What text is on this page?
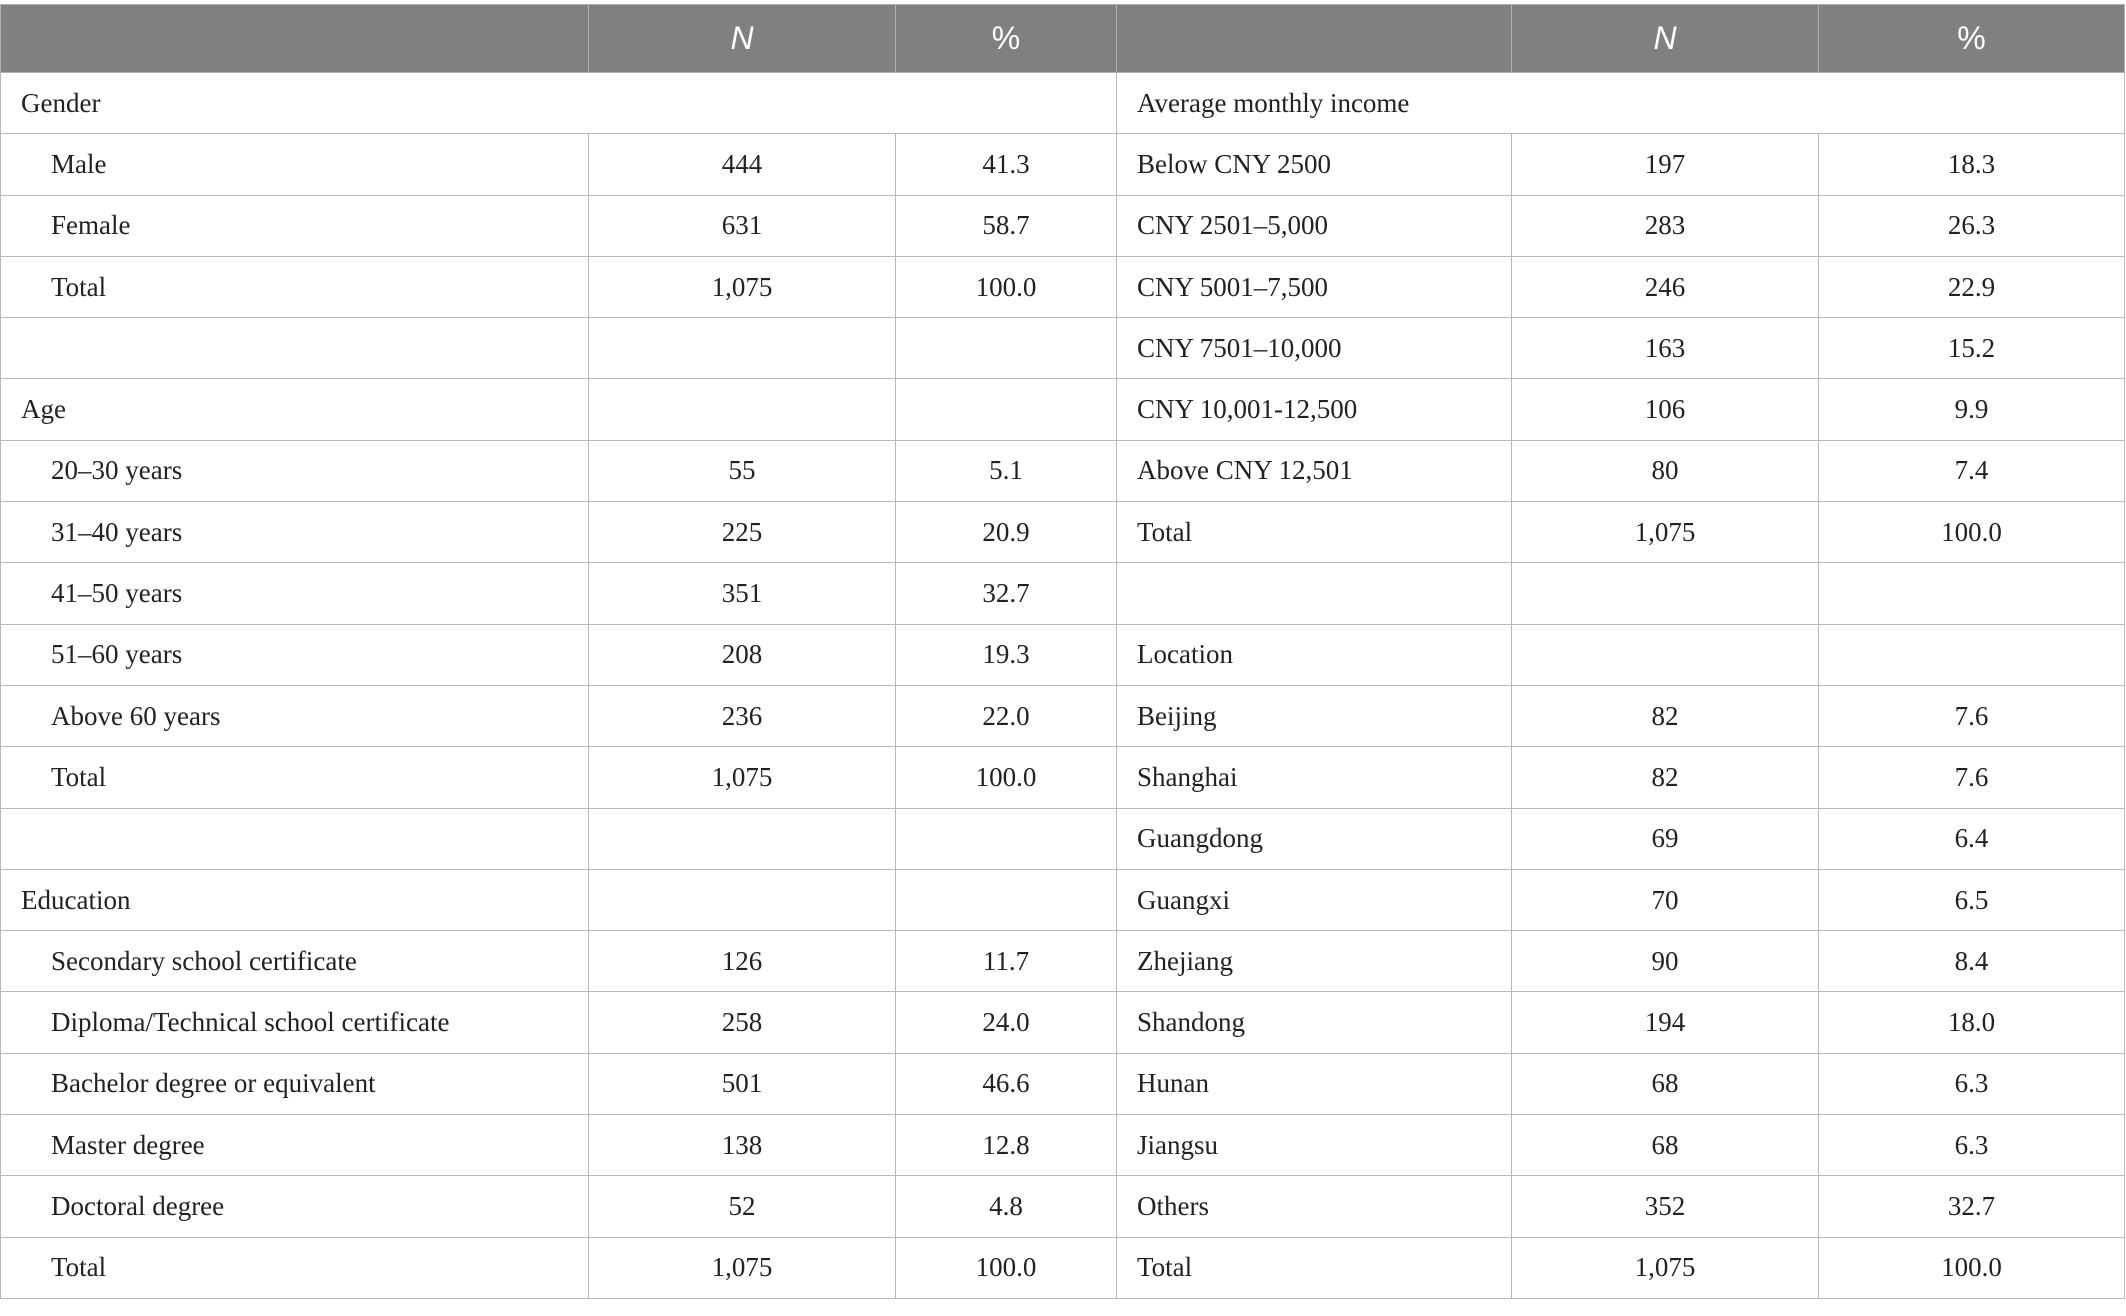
	N	%		N	%
Gender			Average monthly income		
Male	444	41.3	Below CNY 2500	197	18.3
Female	631	58.7	CNY 2501–5,000	283	26.3
Total	1,075	100.0	CNY 5001–7,500	246	22.9
			CNY 7501–10,000	163	15.2
Age			CNY 10,001-12,500	106	9.9
20–30 years	55	5.1	Above CNY 12,501	80	7.4
31–40 years	225	20.9	Total	1,075	100.0
41–50 years	351	32.7			
51–60 years	208	19.3	Location		
Above 60 years	236	22.0	Beijing	82	7.6
Total	1,075	100.0	Shanghai	82	7.6
			Guangdong	69	6.4
Education			Guangxi	70	6.5
Secondary school certificate	126	11.7	Zhejiang	90	8.4
Diploma/Technical school certificate	258	24.0	Shandong	194	18.0
Bachelor degree or equivalent	501	46.6	Hunan	68	6.3
Master degree	138	12.8	Jiangsu	68	6.3
Doctoral degree	52	4.8	Others	352	32.7
Total	1,075	100.0	Total	1,075	100.0
